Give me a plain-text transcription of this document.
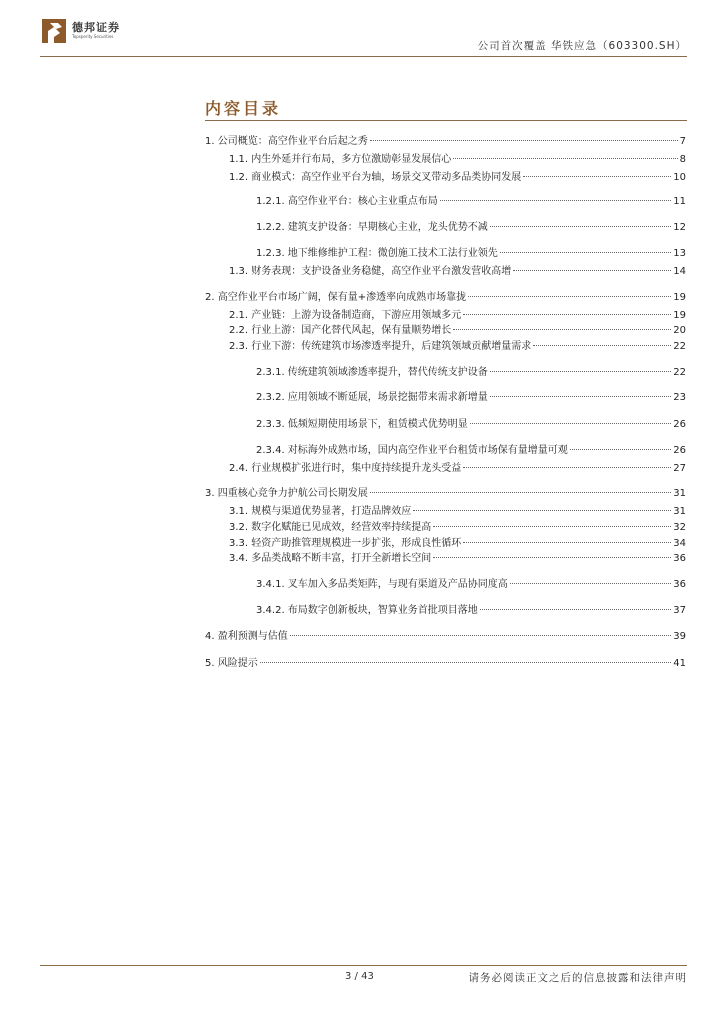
德邦证券
Topsperity Securities
公司首次覆盖 华铁应急（603300.SH）
内容目录
1. 公司概览：高空作业平台后起之秀	7
1.1. 内生外延并行布局，多方位激励彰显发展信心	8
1.2. 商业模式：高空作业平台为轴，场景交叉带动多品类协同发展	10
1.2.1. 高空作业平台：核心主业重点布局	11
1.2.2. 建筑支护设备：早期核心主业，龙头优势不减	12
1.2.3. 地下维修维护工程：微创施工技术工法行业领先	13
1.3. 财务表现：支护设备业务稳健，高空作业平台激发营收高增	14
2. 高空作业平台市场广阔，保有量+渗透率向成熟市场靠拢	19
2.1. 产业链：上游为设备制造商，下游应用领域多元	19
2.2. 行业上游：国产化替代风起，保有量顺势增长	20
2.3. 行业下游：传统建筑市场渗透率提升，后建筑领域贡献增量需求	22
2.3.1. 传统建筑领域渗透率提升，替代传统支护设备	22
2.3.2. 应用领域不断延展，场景挖掘带来需求新增量	23
2.3.3. 低频短期使用场景下，租赁模式优势明显	26
2.3.4. 对标海外成熟市场，国内高空作业平台租赁市场保有量增量可观	26
2.4. 行业规模扩张进行时，集中度持续提升龙头受益	27
3. 四重核心竞争力护航公司长期发展	31
3.1. 规模与渠道优势显著，打造品牌效应	31
3.2. 数字化赋能已见成效，经营效率持续提高	32
3.3. 轻资产助推管理规模进一步扩张，形成良性循环	34
3.4. 多品类战略不断丰富，打开全新增长空间	36
3.4.1. 叉车加入多品类矩阵，与现有渠道及产品协同度高	36
3.4.2. 布局数字创新板块，智算业务首批项目落地	37
4. 盈利预测与估值	39
5. 风险提示	41
3 / 43	请务必阅读正文之后的信息披露和法律声明
